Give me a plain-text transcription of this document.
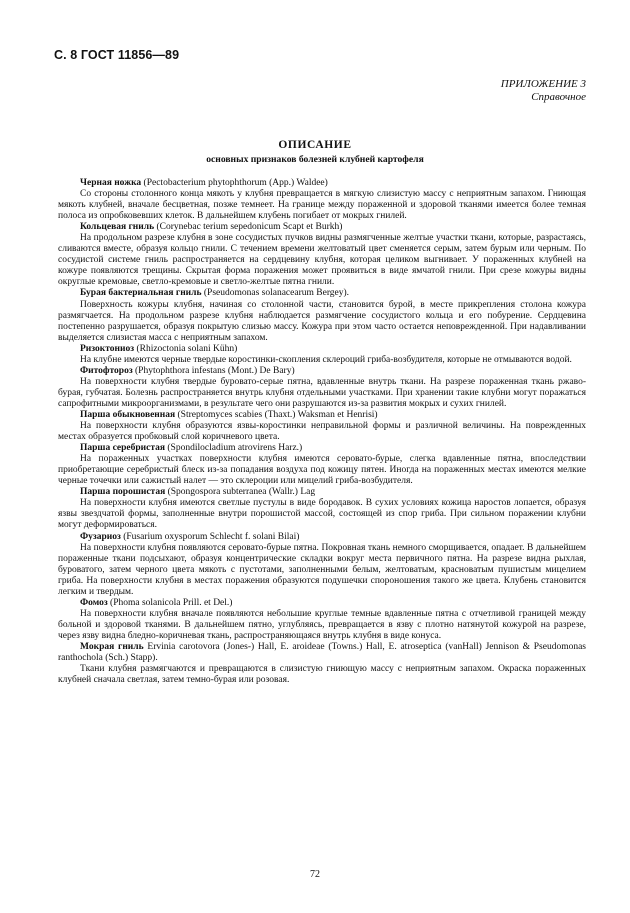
С. 8 ГОСТ 11856—89
ПРИЛОЖЕНИЕ 3
Справочное
ОПИСАНИЕ
основных признаков болезней клубней картофеля

Черная ножка (Pectobacterium phytophthorum (App.) Waldee)

Со стороны столонного конца мякоть у клубня превращается в мягкую слизистую массу с неприятным запахом. Гниющая мякоть клубней, вначале бесцветная, позже темнеет. На границе между пораженной и здоровой тканями имеется более темная полоса из опробковевших клеток. В дальнейшем клубень погибает от мокрых гнилей.

Кольцевая гниль (Corynebac terium sepedonicum Scapt et Burkh)

На продольном разрезе клубня в зоне сосудистых пучков видны размягченные желтые участки ткани, которые, разрастаясь, сливаются вместе, образуя кольцо гнили. С течением времени желтоватый цвет сменяется серым, затем бурым или черным. По сосудистой системе гниль распространяется на сердцевину клубня, которая целиком выгнивает. У пораженных клубней на кожуре появляются трещины. Скрытая форма поражения может проявиться в виде ямчатой гнили. При срезе кожуры видны округлые кремовые, светло-кремовые и светло-желтые пятна гнили.

Бурая бактериальная гниль (Pseudomonas solanacearum Bergey).

Поверхность кожуры клубня, начиная со столонной части, становится бурой, в месте прикрепления столона кожура размягчается. На продольном разрезе клубня наблюдается размягчение сосудистого кольца и его побурение. Сердцевина постепенно разрушается, образуя покрытую слизью массу. Кожура при этом часто остается неповрежденной. При надавливании выделяется слизистая масса с неприятным запахом.

Ризоктониоз (Rhizoctonia solani Kühn)

На клубне имеются черные твердые коростинки-скопления склероций гриба-возбудителя, которые не отмываются водой.

Фитофтороз (Phytophthora infestans (Mont.) De Bary)

На поверхности клубня твердые буровато-серые пятна, вдавленные внутрь ткани. На разрезе пораженная ткань ржаво-бурая, губчатая. Болезнь распространяется внутрь клубня отдельными участками. При хранении такие клубни могут поражаться сапрофитными микроорганизмами, в результате чего они разрушаются из-за развития мокрых и сухих гнилей.

Парша обыкновенная (Streptomyces scabies (Thaxt.) Waksman et Henrisi)

На поверхности клубня образуются язвы-коростинки неправильной формы и различной величины. На поврежденных местах образуется пробковый слой коричневого цвета.

Парша серебристая (Spondilocladium atrovirens Harz.)

На пораженных участках поверхности клубня имеются серовато-бурые, слегка вдавленные пятна, впоследствии приобретающие серебристый блеск из-за попадания воздуха под кожицу пятен. Иногда на пораженных местах имеются мелкие черные точечки или сажистый налет — это склероции или мицелий гриба-возбудителя.

Парша порошистая (Spongospora subterranea (Wallr.) Lag

На поверхности клубня имеются светлые пустулы в виде бородавок. В сухих условиях кожица наростов лопается, образуя язвы звездчатой формы, заполненные внутри порошистой массой, состоящей из спор гриба. При сильном поражении клубни могут деформироваться.

Фузариоз (Fusarium oxysporum Schlecht f. solani Bilai)

На поверхности клубня появляются серовато-бурые пятна. Покровная ткань немного сморщивается, опадает. В дальнейшем пораженные ткани подсыхают, образуя концентрические складки вокруг места первичного пятна. На разрезе видна рыхлая, буроватого, затем черного цвета мякоть с пустотами, заполненными белым, желтоватым, красноватым пушистым мицелием гриба. На поверхности клубня в местах поражения образуются подушечки спороношения такого же цвета. Клубень становится легким и твердым.

Фомоз (Phoma solanicola Prill. et Del.)

На поверхности клубня вначале появляются небольшие круглые темные вдавленные пятна с отчетливой границей между больной и здоровой тканями. В дальнейшем пятно, углубляясь, превращается в язву с плотно натянутой кожурой на разрезе, через язву видна бледно-коричневая ткань, распространяющаяся внутрь клубня в виде конуса.

Мокрая гниль Ervinia carotovora (Jones-) Hall, E. aroideae (Towns.) Hall, E. atroseptica (vanHall) Jennison & Pseudomonas ranthochola (Sch.) Stapp).

Ткани клубня размягчаются и превращаются в слизистую гниющую массу с неприятным запахом. Окраска пораженных клубней сначала светлая, затем темно-бурая или розовая.

72
